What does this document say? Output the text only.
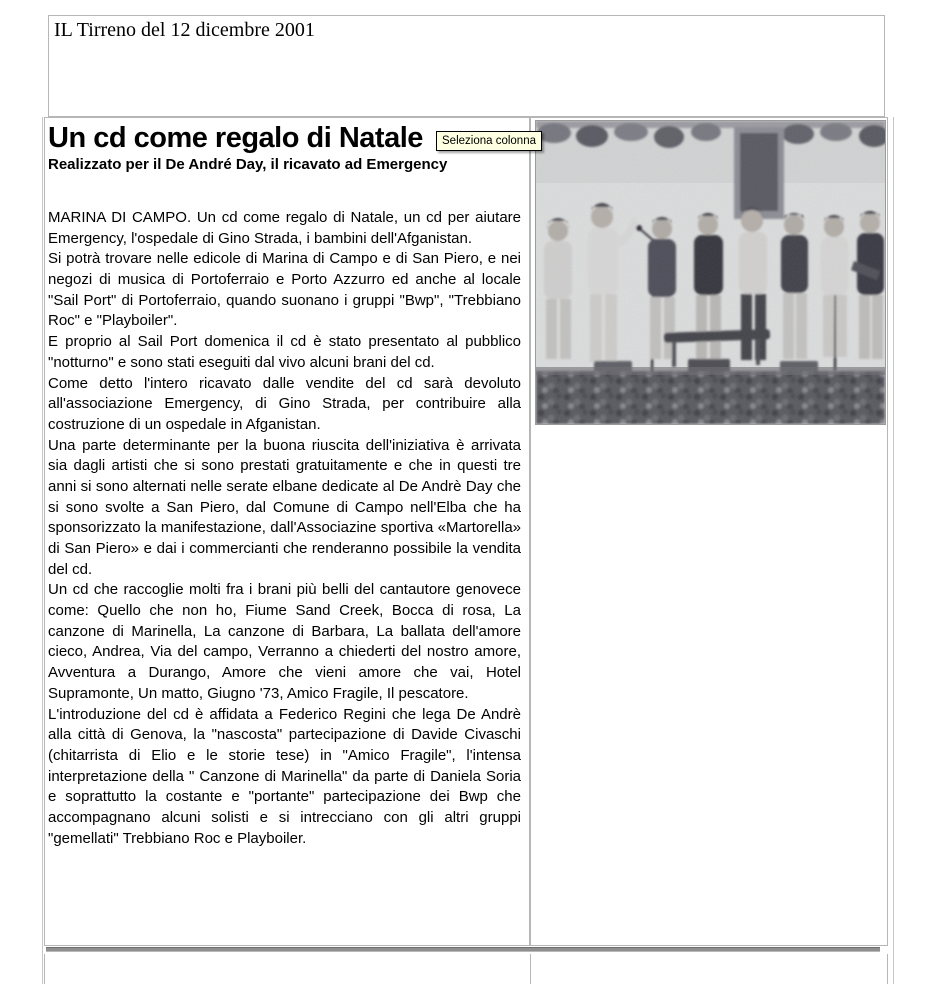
IL Tirreno del 12 dicembre 2001
Un cd come regalo di Natale
Realizzato per il De André Day, il ricavato ad Emergency

MARINA DI CAMPO. Un cd come regalo di Natale, un cd per aiutare Emergency, l'ospedale di Gino Strada, i bambini dell'Afganistan.

Si potrà trovare nelle edicole di Marina di Campo e di San Piero, e nei negozi di musica di Portoferraio e Porto Azzurro ed anche al locale "Sail Port" di Portoferraio, quando suonano i gruppi "Bwp", "Trebbiano Roc" e "Playboiler".

E proprio al Sail Port domenica il cd è stato presentato al pubblico "notturno" e sono stati eseguiti dal vivo alcuni brani del cd.

Come detto l'intero ricavato dalle vendite del cd sarà devoluto all'associazione Emergency, di Gino Strada, per contribuire alla costruzione di un ospedale in Afganistan.

Una parte determinante per la buona riuscita dell'iniziativa è arrivata sia dagli artisti che si sono prestati gratuitamente e che in questi tre anni si sono alternati nelle serate elbane dedicate al De Andrè Day che si sono svolte a San Piero, dal Comune di Campo nell'Elba che ha sponsorizzato la manifestazione, dall'Associazine sportiva «Martorella» di San Piero» e dai i commercianti che renderanno possibile la vendita del cd.

Un cd che raccoglie molti fra i brani più belli del cantautore genovece come: Quello che non ho, Fiume Sand Creek, Bocca di rosa, La canzone di Marinella, La canzone di Barbara, La ballata dell'amore cieco, Andrea, Via del campo, Verranno a chiederti del nostro amore, Avventura a Durango, Amore che vieni amore che vai, Hotel Supramonte, Un matto, Giugno '73, Amico Fragile, Il pescatore.

L'introduzione del cd è affidata a Federico Regini che lega De Andrè alla città di Genova, la "nascosta" partecipazione di Davide Civaschi (chitarrista di Elio e le storie tese) in "Amico Fragile", l'intensa interpretazione della " Canzone di Marinella" da parte di Daniela Soria e soprattutto la costante e "portante" partecipazione dei Bwp che accompagnano alcuni solisti e si intrecciano con gli altri gruppi "gemellati" Trebbiano Roc e Playboiler.

Seleziona colonna
